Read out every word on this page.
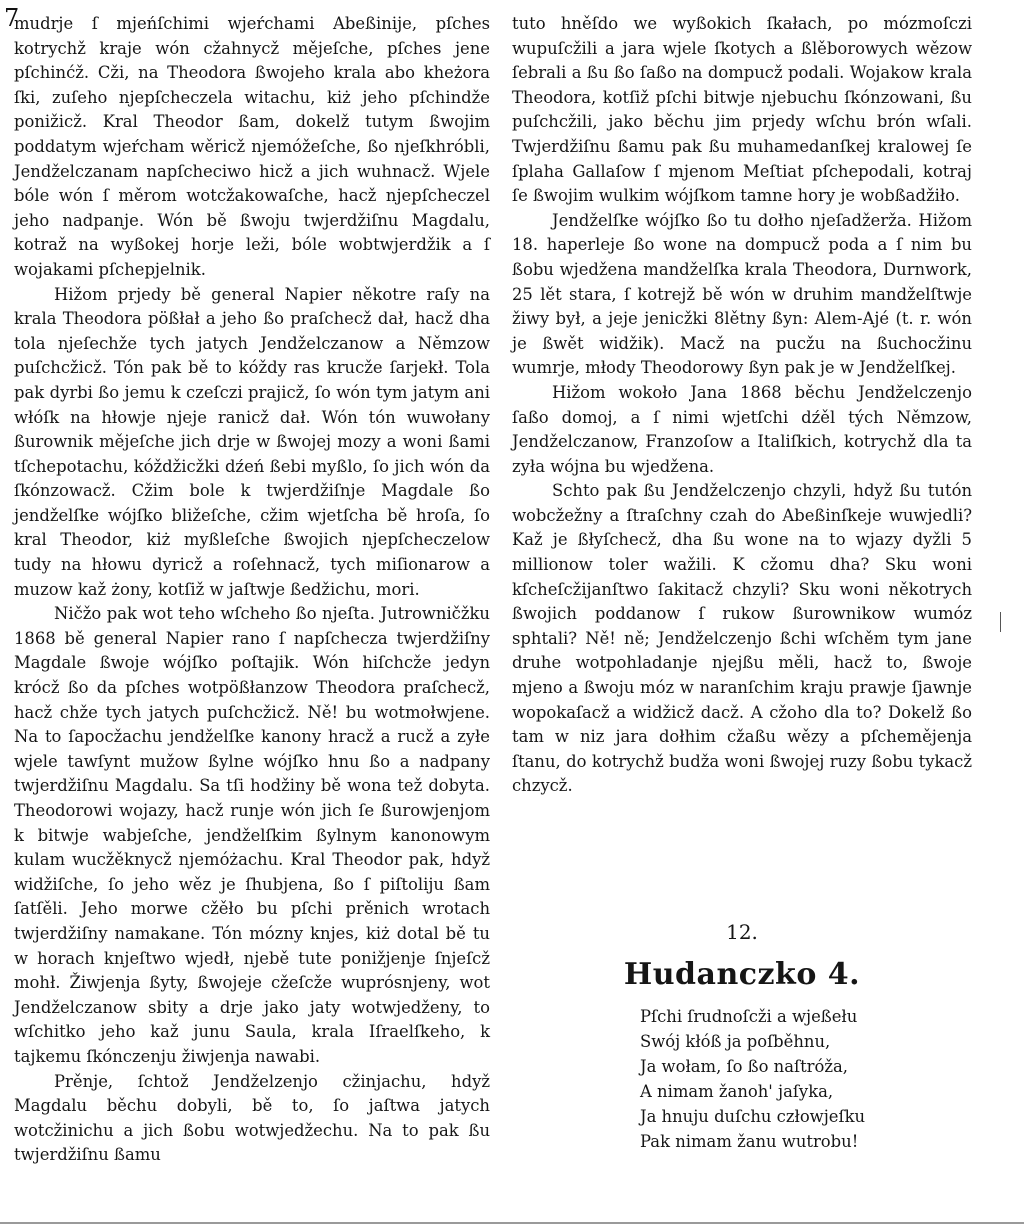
7

mudrje ſ mjeńſchimi wjeŕchami Abeßinije, pſches kotrychž kraje wón cžahnycž mějeſche, pſches jene pſchinćž. Cži, na Theodora ßwojeho krala abo kheżora ſki, zuſeho njepſcheczela witachu, kiż jeho pſchindže ponižicž. Kral Theodor ßam, dokelž tutym ßwojim poddatym wjeŕcham wěricž njemóžeſche, ßo njeſkhróbli, Jendželczanam napſcheciwo hicž a jich wuhnacž. Wjele bóle wón ſ měrom wotcžakowaſche, hacž njepſcheczel jeho nadpanje. Wón bě ßwoju twjerdžiſnu Magdalu, kotraž na wyßokej horje leži, bóle wobtwjerdžik a ſ wojakami pſchepjelnik.

Hižom prjedy bě general Napier někotre raſy na krala Theodora pößłał a jeho ßo praſchecž dał, hacž dha tola njeſechže tych jatych Jendželczanow a Němzow puſchcžicž. Tón pak bě to kóždy ras krucže ſarjekł. Tola pak dyrbi ßo jemu k czeſczi prajicž, ſo wón tym jatym ani włóſk na hłowje njeje ranicž dał. Wón tón wuwołany ßurownik mějeſche jich drje w ßwojej mozy a woni ßami tſchepotachu, kóždžicžki dźeń ßebi myßlo, ſo jich wón da ſkónzowacž. Cžim bole k twjerdžiſnje Magdale ßo jendželſke wójſko bližeſche, cžim wjetſcha bě hroſa, ſo kral Theodor, kiż myßleſche ßwojich njepſcheczelow tudy na hłowu dyricž a roſehnacž, tych miſionarow a muzow kaž żony, kotſiž w jaſtwje ßedžichu, mori.

Ničžo pak wot teho wſcheho ßo njeſta. Jutrowničžku 1868 bě general Napier rano ſ napſcheczа twjerdžiſny Magdale ßwoje wójſko poſtajik. Wón hiſchcže jedyn krócž ßo da pſches wotpößłanzow Theodora praſchecž, hacž chže tych jatych puſchcžicž. Ně! bu wotmołwjene. Na to ſapocžachu jendželſke kanony hracž a rucž a zyłe wjele tawſynt mužow ßylne wójſko hnu ßo a nadpany twjerdžiſnu Magdalu. Sa tſi hodžiny bě wona tež dobyta. Theodorowi wojazy, hacž runje wón jich ſe ßurowjenjom k bitwje wabjeſche, jendželſkim ßylnym kanonowym kulam wucžěknycž njemóżachu. Kral Theodor pak, hdyž widžiſche, ſo jeho wěz je ſhubjena, ßo ſ piſtoliju ßam ſatſěli. Jeho morwe cžěło bu pſchi prěnich wrotach twjerdžiſny namakane. Tón mózny knjes, kiż dotal bě tu w horach knjeſtwo wjedł, njebě tute ponižjenje ſnjeſcž mohł. Žiwjenja ßyty, ßwojeje cžeſcže wuprósnjeny, wot Jendželczanow sbity a drje jako jaty wotwjedženy, to wſchitko jeho kaž junu Saula, krala Iſraelſkeho, k tajkemu ſkónczenju žiwjenja nawabi.

Prěnje, ſchtož Jendželzenjo cžinjachu, hdyž Magdalu běchu dobyli, bě to, ſo jaſtwa jatych wotcžinichu a jich ßobu wotwjedžechu. Na to pak ßu twjerdžiſnu ßamu

tuto hněſdo we wyßokich ſkałach, po mózmoſczi wupuſcžili a jara wjele ſkotych a ßlěborowych wězow ſebrali a ßu ßo ſaßo na dompucž podali. Wojakow krala Theodora, kotſiž pſchi bitwje njebuchu ſkónzowani, ßu puſchcžili, jako běchu jim prjedy wſchu brón wſali. Twjerdžiſnu ßamu pak ßu muhamedanſkej kralowej ſe ſplaha Gallaſow ſ mjenom Meſtiat pſchepodali, kotraj ſe ßwojim wulkim wójſkom tamne hory je wobßadžiło.

Jendželſke wójſko ßo tu dołho njeſadžerža. Hižom 18. haperleje ßo wone na dompucž poda a ſ nim bu ßobu wjedžena mandželſka krala Theodora, Durnwork, 25 lět stara, ſ kotrejž bě wón w druhim mandželſtwje žiwy był, a jeje jenicžki 8lětny ßyn: Alem-Ajé (t. r. wón je ßwět widžik). Macž na pucžu na ßuchocžinu wumrje, młody Theodorowy ßyn pak je w Jendželſkej.

Hižom wokoło Jana 1868 běchu Jendželczenjo ſaßo domoj, a ſ nimi wjetſchi dźěl tých Němzow, Jendželczanow, Franzoſow a Italiſkich, kotrychž dla ta zyła wójna bu wjedžena.

Schto pak ßu Jendželczenjo chzyli, hdyž ßu tutón wobcžežny a ſtraſchny czah do Abeßinſkeje wuwjedli? Kaž je ßłyſchecž, dha ßu wone na to wjazy dyžli 5 millionow toler wažili. K cžomu dha? Sku woni kſcheſcžijanſtwo ſakitacž chzyli? Sku woni někotrych ßwojich poddanow ſ rukow ßurownikow wumóz sphtali? Ně! ně; Jendželczenjo ßchi wſchěm tym jane druhe wotpohladanje njejßu měli, hacž to, ßwoje mjeno a ßwoju móz w naranſchim kraju prawje ſjawnje wopokaſacž a widžicž dacž. A cžoho dla to? Dokelž ßo tam w niz jara dołhim cžaßu wězy a pſchemějenja ſtanu, do kotrychž budža woni ßwojej ruzy ßobu tykacž chzycž.

12.
Hudanczko 4.
Pſchi ſrudnoſcži a wjeßełu
Swój kłóß ja poſběhnu,
Ja wołam, ſo ßo naſtróža,
A nimam žanoh' jaſyka,
Ja hnuju duſchu człowjeſku
Pak nimam žanu wutrobu!
